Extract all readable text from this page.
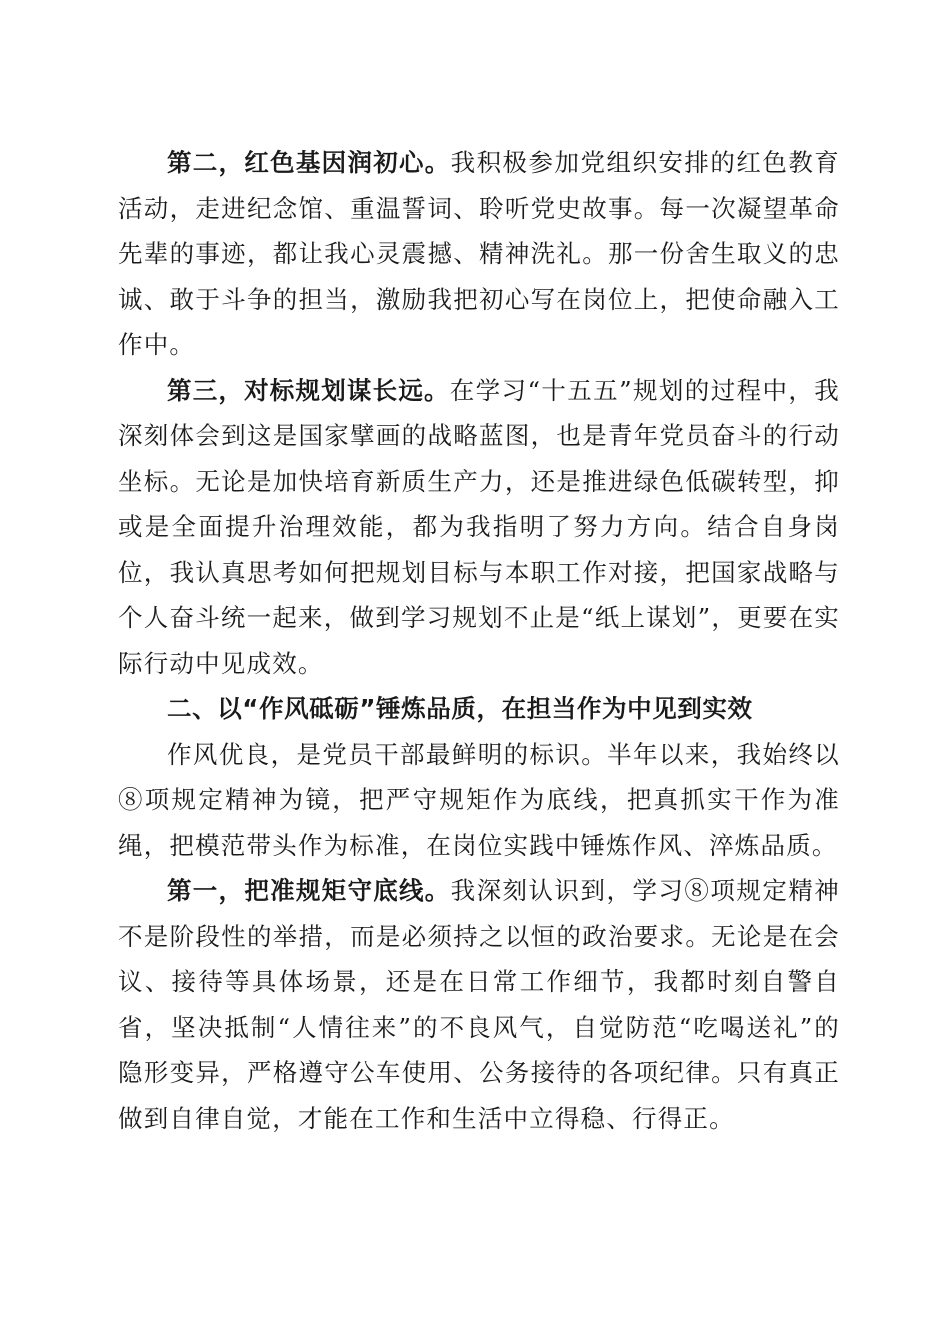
第二，红色基因润初心。我积极参加党组织安排的红色教育活动，走进纪念馆、重温誓词、聆听党史故事。每一次凝望革命先辈的事迹，都让我心灵震撼、精神洗礼。那一份舍生取义的忠诚、敢于斗争的担当，激励我把初心写在岗位上，把使命融入工作中。

第三，对标规划谋长远。在学习“十五五”规划的过程中，我深刻体会到这是国家擘画的战略蓝图，也是青年党员奋斗的行动坐标。无论是加快培育新质生产力，还是推进绿色低碳转型，抑或是全面提升治理效能，都为我指明了努力方向。结合自身岗位，我认真思考如何把规划目标与本职工作对接，把国家战略与个人奋斗统一起来，做到学习规划不止是“纸上谋划”，更要在实际行动中见成效。

二、以“作风砥砺”锤炼品质，在担当作为中见到实效

作风优良，是党员干部最鲜明的标识。半年以来，我始终以⑧项规定精神为镜，把严守规矩作为底线，把真抓实干作为准绳，把模范带头作为标准，在岗位实践中锤炼作风、淬炼品质。

第一，把准规矩守底线。我深刻认识到，学习⑧项规定精神不是阶段性的举措，而是必须持之以恒的政治要求。无论是在会议、接待等具体场景，还是在日常工作细节，我都时刻自警自省，坚决抵制“人情往来”的不良风气，自觉防范“吃喝送礼”的隐形变异，严格遵守公车使用、公务接待的各项纪律。只有真正做到自律自觉，才能在工作和生活中立得稳、行得正。
